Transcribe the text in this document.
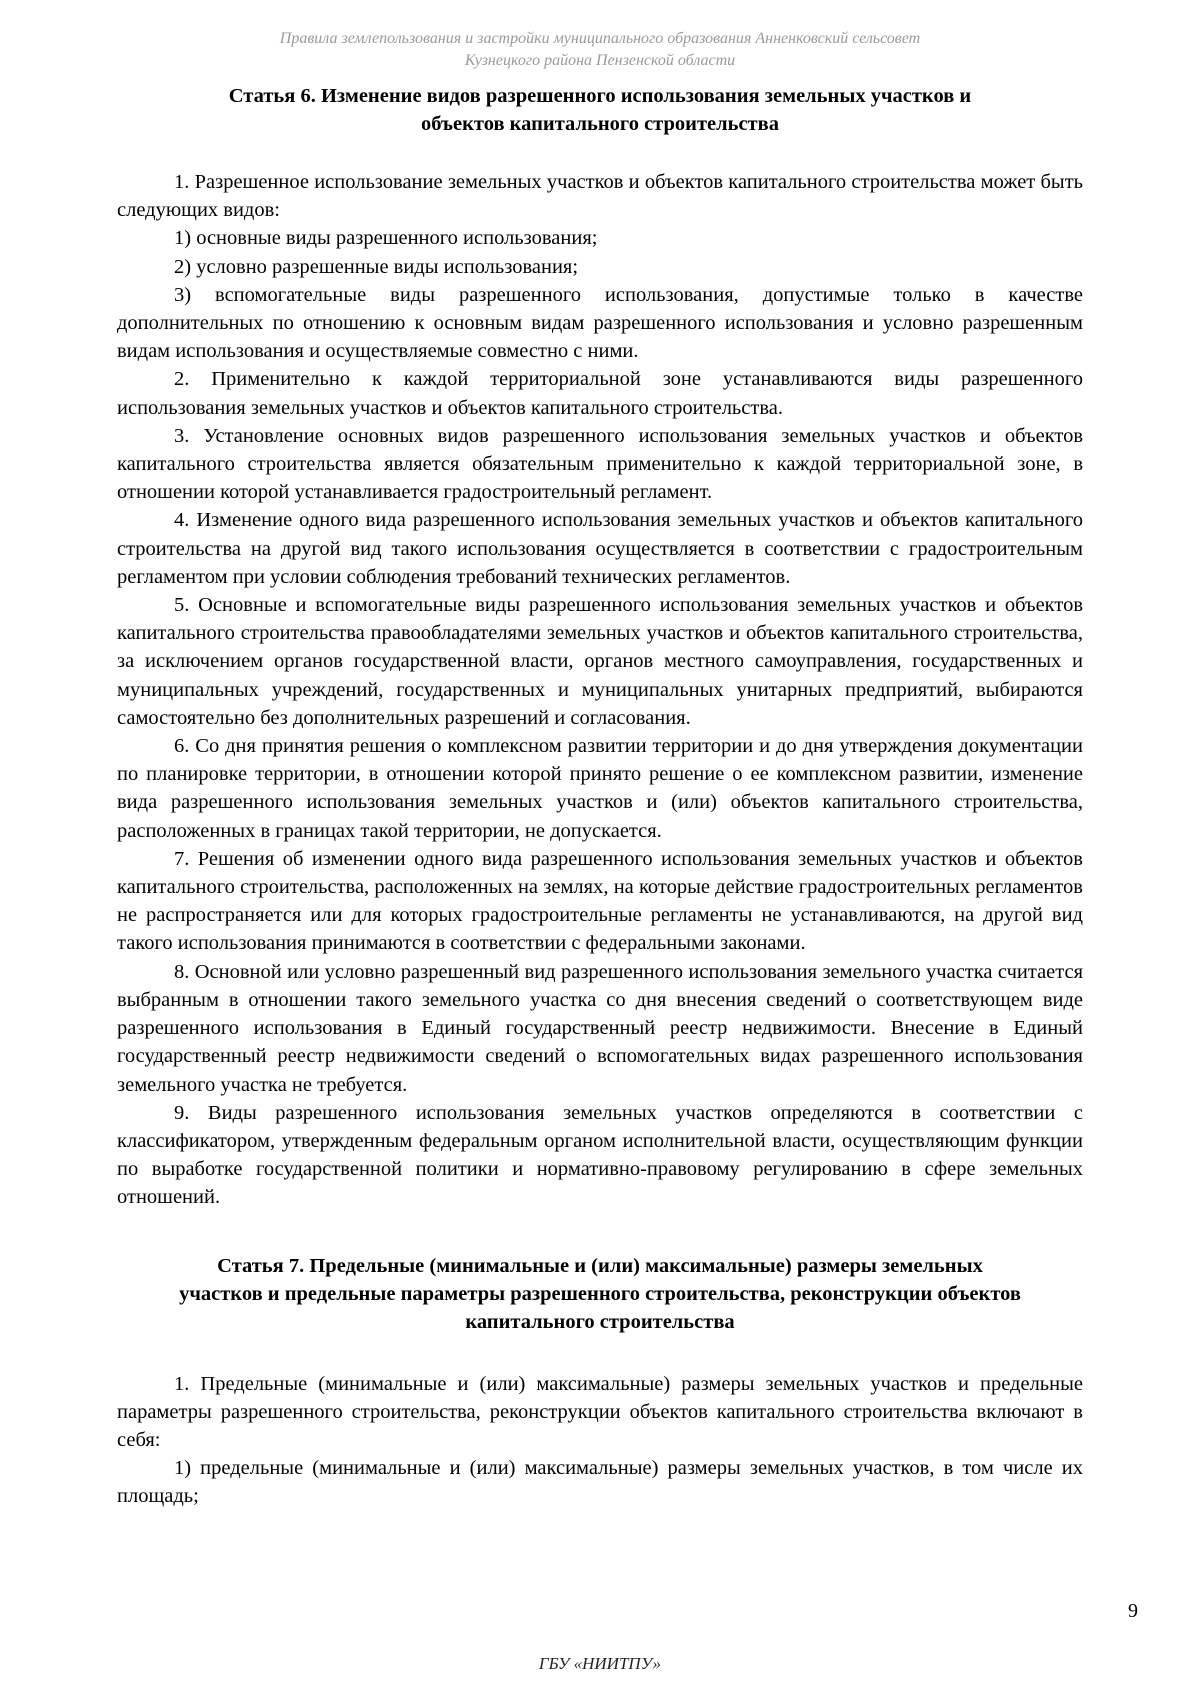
Правила землепользования и застройки муниципального образования Анненковский сельсовет
Кузнецкого района Пензенской области
Статья 6. Изменение видов разрешенного использования земельных участков и
объектов капитального строительства

1. Разрешенное использование земельных участков и объектов капитального строительства может быть следующих видов:

1) основные виды разрешенного использования;

2) условно разрешенные виды использования;

3) вспомогательные виды разрешенного использования, допустимые только в качестве дополнительных по отношению к основным видам разрешенного использования и условно разрешенным видам использования и осуществляемые совместно с ними.

2. Применительно к каждой территориальной зоне устанавливаются виды разрешенного использования земельных участков и объектов капитального строительства.

3. Установление основных видов разрешенного использования земельных участков и объектов капитального строительства является обязательным применительно к каждой территориальной зоне, в отношении которой устанавливается градостроительный регламент.

4. Изменение одного вида разрешенного использования земельных участков и объектов капитального строительства на другой вид такого использования осуществляется в соответствии с градостроительным регламентом при условии соблюдения требований технических регламентов.

5. Основные и вспомогательные виды разрешенного использования земельных участков и объектов капитального строительства правообладателями земельных участков и объектов капитального строительства, за исключением органов государственной власти, органов местного самоуправления, государственных и муниципальных учреждений, государственных и муниципальных унитарных предприятий, выбираются самостоятельно без дополнительных разрешений и согласования.

6. Со дня принятия решения о комплексном развитии территории и до дня утверждения документации по планировке территории, в отношении которой принято решение о ее комплексном развитии, изменение вида разрешенного использования земельных участков и (или) объектов капитального строительства, расположенных в границах такой территории, не допускается.

7. Решения об изменении одного вида разрешенного использования земельных участков и объектов капитального строительства, расположенных на землях, на которые действие градостроительных регламентов не распространяется или для которых градостроительные регламенты не устанавливаются, на другой вид такого использования принимаются в соответствии с федеральными законами.

8. Основной или условно разрешенный вид разрешенного использования земельного участка считается выбранным в отношении такого земельного участка со дня внесения сведений о соответствующем виде разрешенного использования в Единый государственный реестр недвижимости. Внесение в Единый государственный реестр недвижимости сведений о вспомогательных видах разрешенного использования земельного участка не требуется.

9. Виды разрешенного использования земельных участков определяются в соответствии с классификатором, утвержденным федеральным органом исполнительной власти, осуществляющим функции по выработке государственной политики и нормативно-правовому регулированию в сфере земельных отношений.

Статья 7. Предельные (минимальные и (или) максимальные) размеры земельных
участков и предельные параметры разрешенного строительства, реконструкции объектов
капитального строительства

1. Предельные (минимальные и (или) максимальные) размеры земельных участков и предельные параметры разрешенного строительства, реконструкции объектов капитального строительства включают в себя:

1) предельные (минимальные и (или) максимальные) размеры земельных участков, в том числе их площадь;

9
ГБУ «НИИТПУ»
